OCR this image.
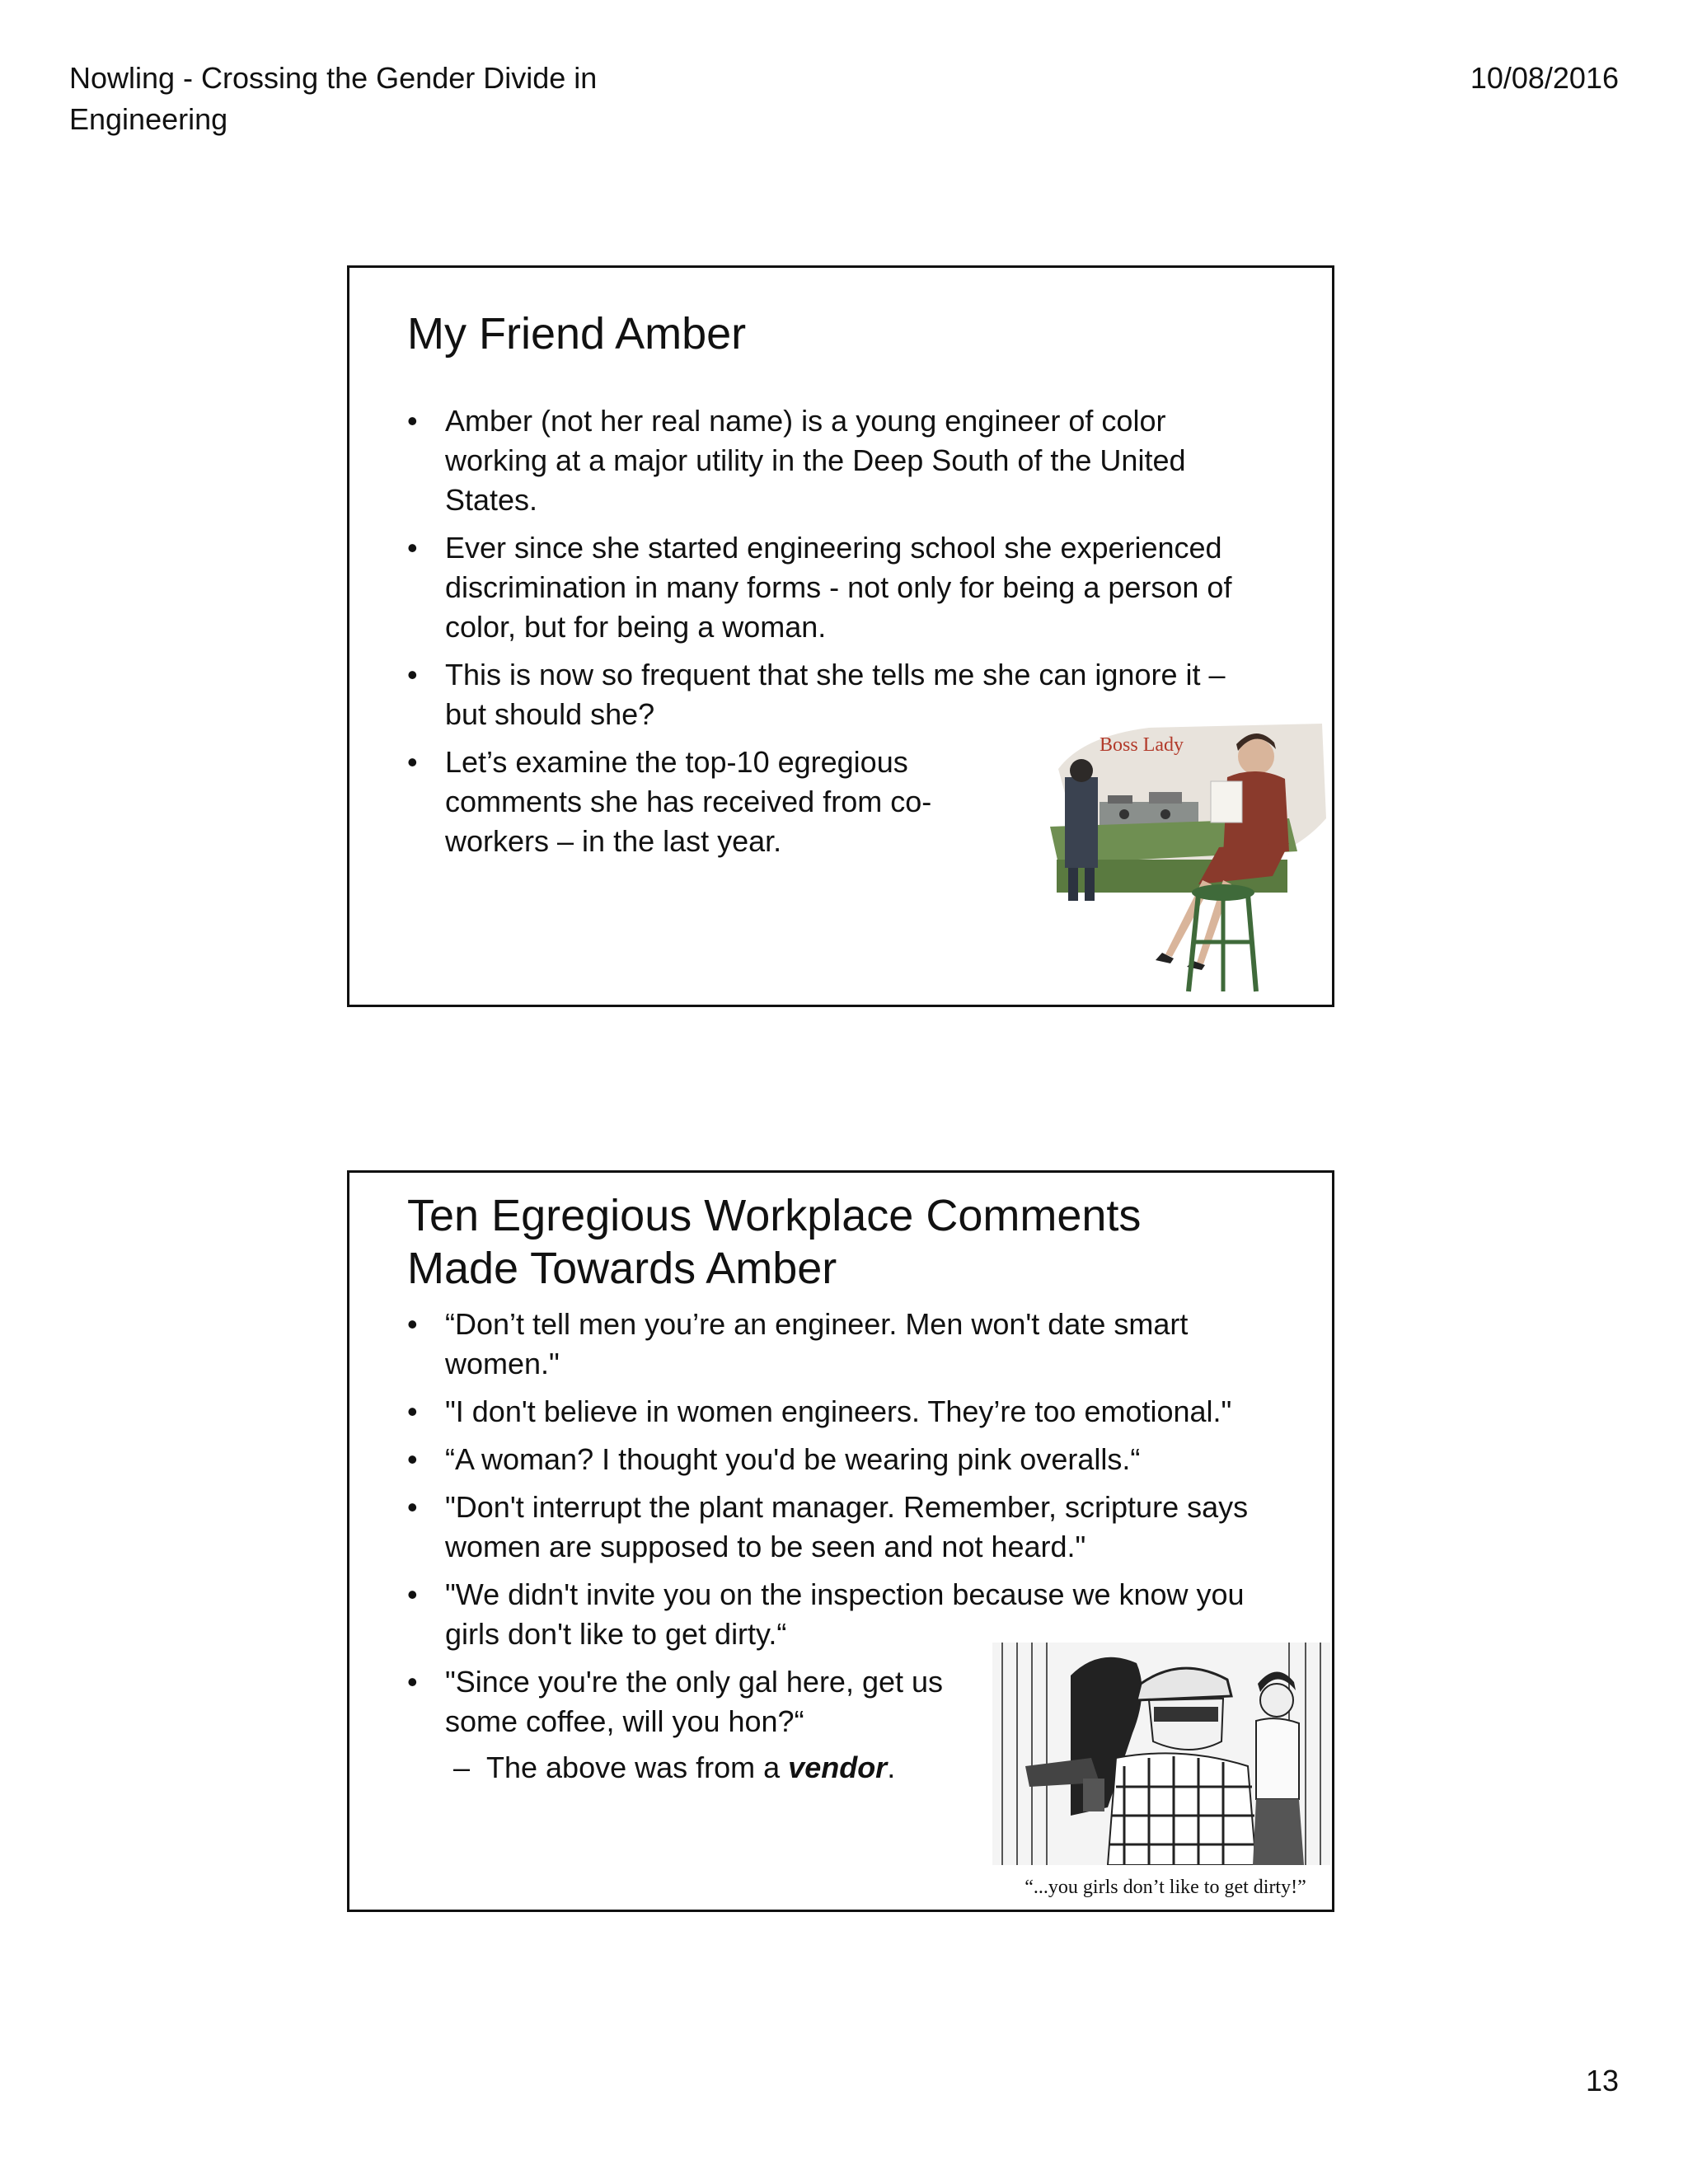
Nowling - Crossing the Gender Divide in Engineering
10/08/2016
My Friend Amber
• Amber (not her real name) is a young engineer of color working at a major utility in the Deep South of the United States.
• Ever since she started engineering school she experienced discrimination in many forms - not only for being a person of color, but for being a woman.
• This is now so frequent that she tells me she can ignore it – but should she?
• Let’s examine the top-10 egregious comments she has received from co-workers – in the last year.
Boss Lady
Ten Egregious Workplace Comments Made Towards Amber
• “Don’t tell men you’re an engineer. Men won't date smart women."
• "I don't believe in women engineers. They’re too emotional."
• “A woman? I thought you'd be wearing pink overalls.“
• "Don't interrupt the plant manager. Remember, scripture says women are supposed to be seen and not heard."
• "We didn't invite you on the inspection because we know you girls don't like to get dirty.“
• "Since you're the only gal here, get us some coffee, will you hon?“
– The above was from a vendor.
“...you girls don’t like to get dirty!”
13
